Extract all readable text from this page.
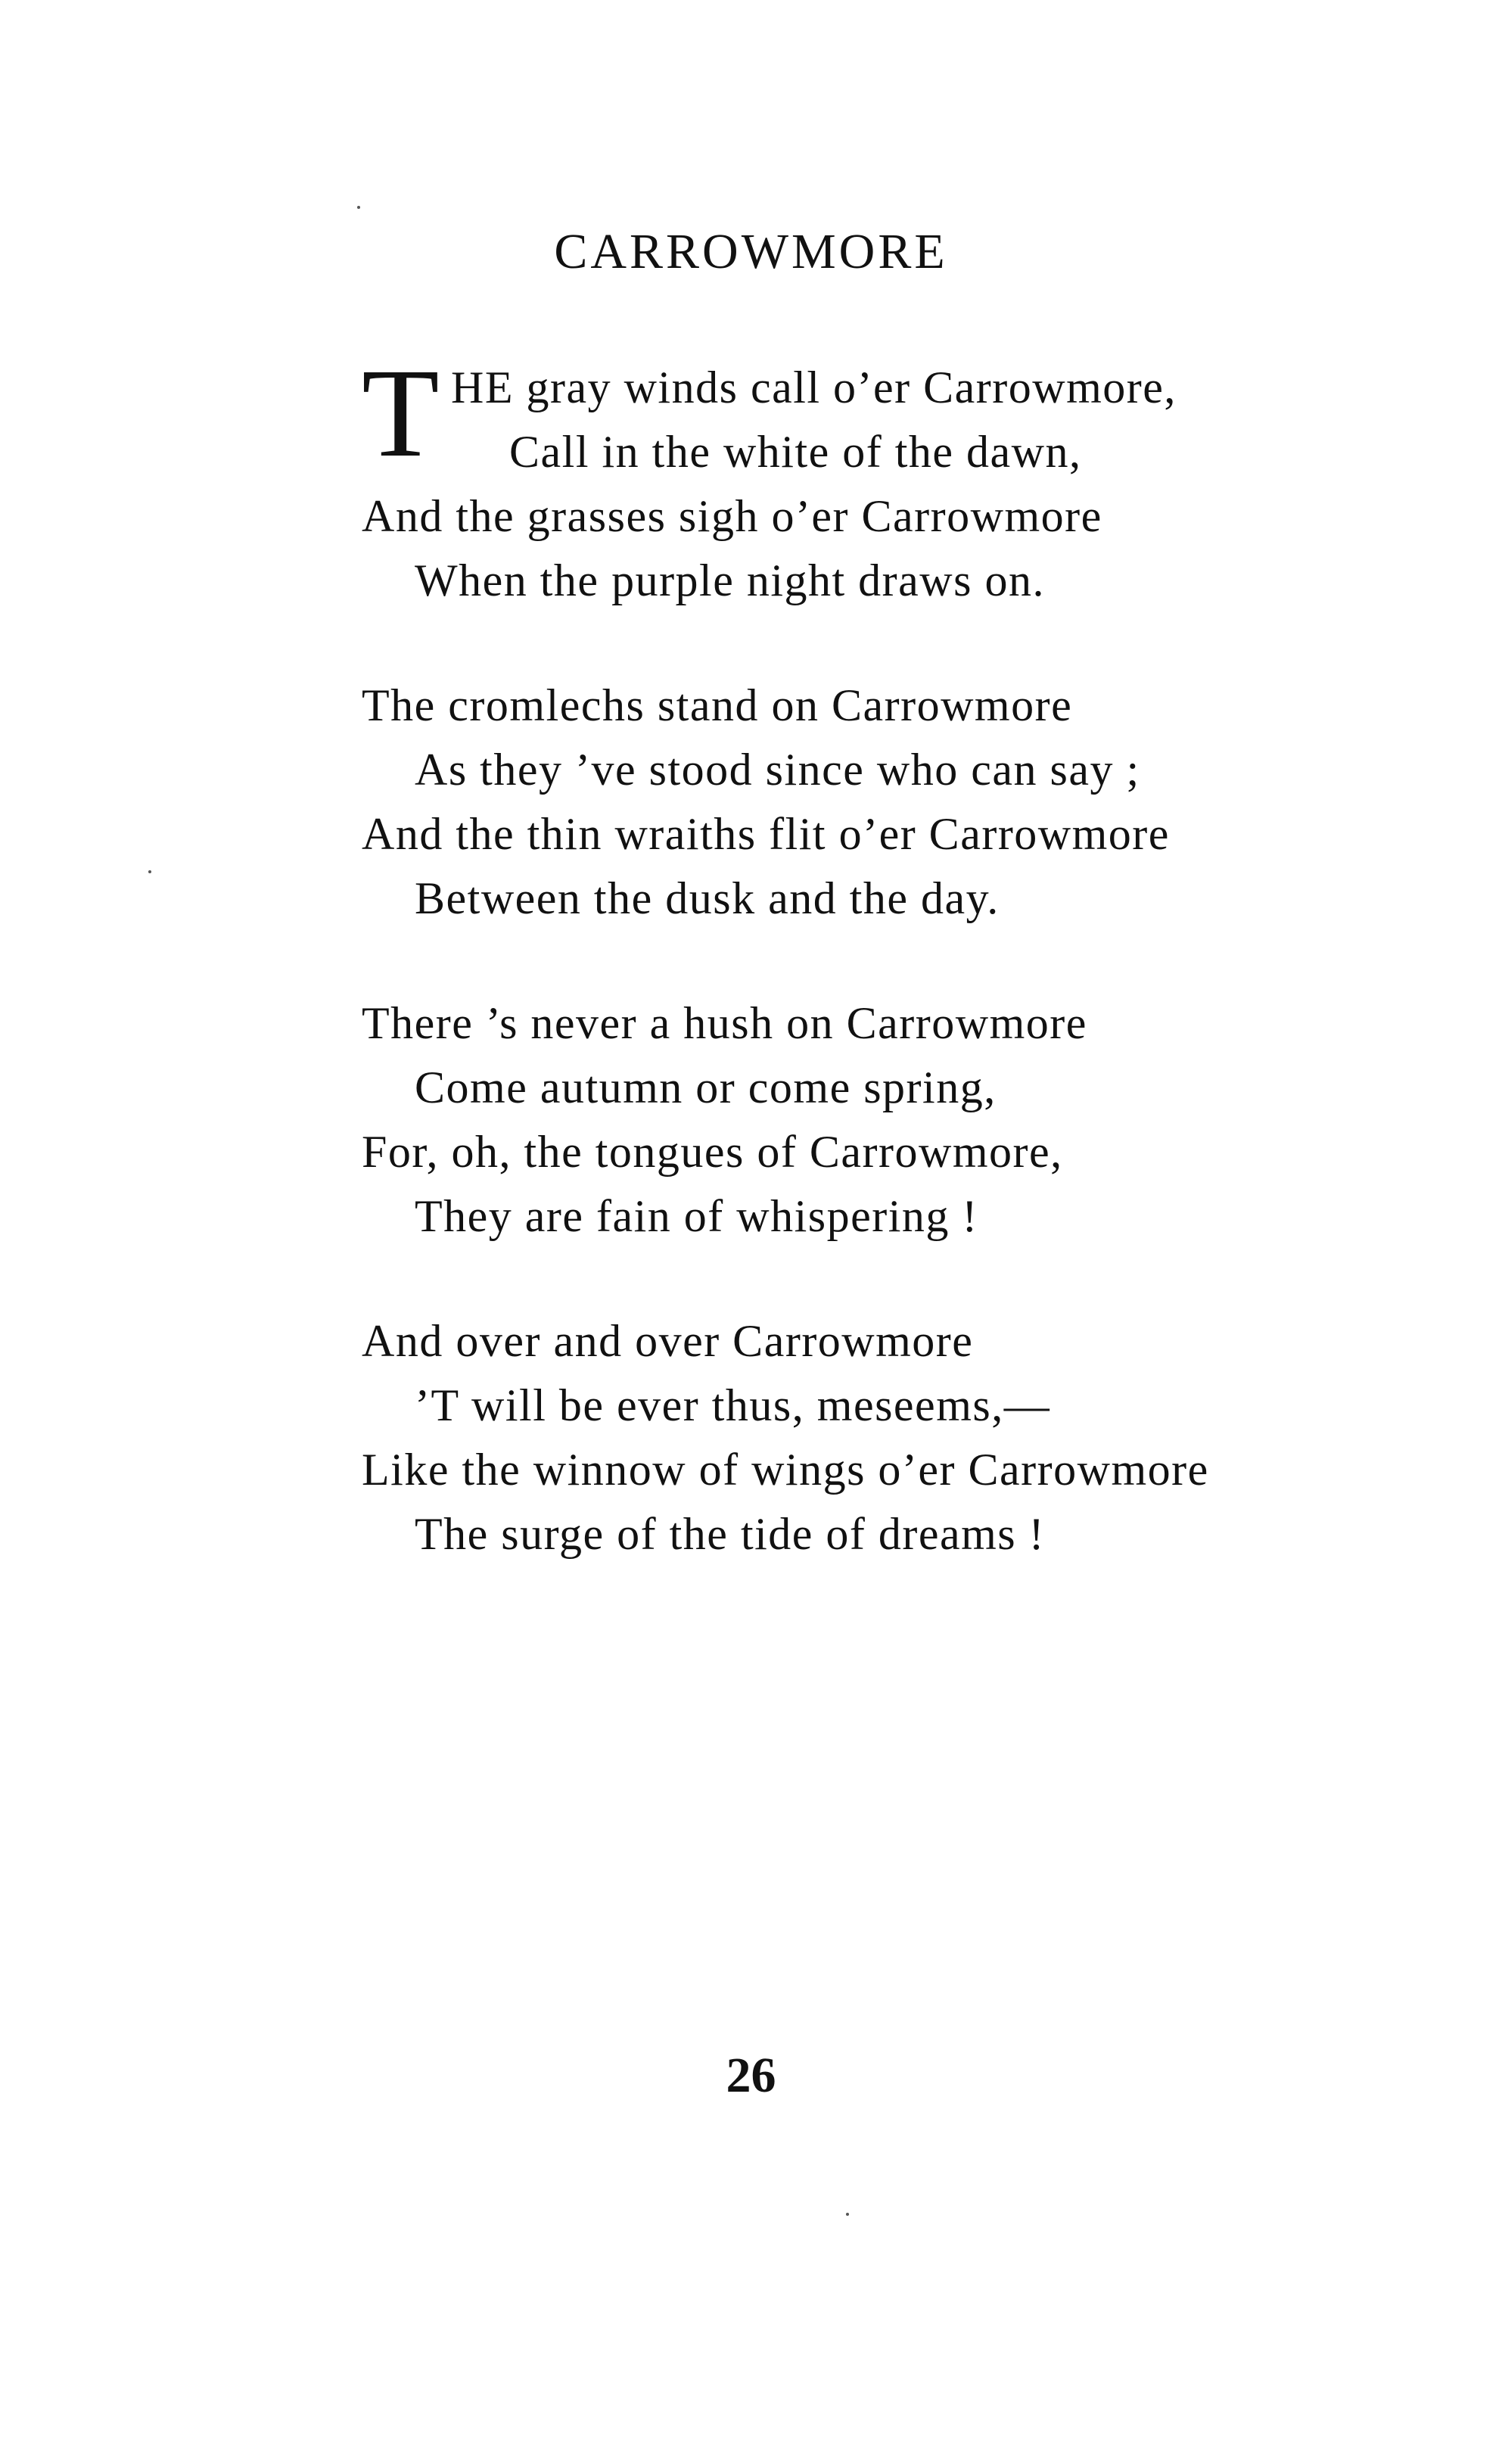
CARROWMORE
T HE gray winds call o’er Carrowmore,
Call in the white of the dawn,
And the grasses sigh o’er Carrowmore
When the purple night draws on.
The cromlechs stand on Carrowmore
As they ’ve stood since who can say ;
And the thin wraiths flit o’er Carrowmore
Between the dusk and the day.
There ’s never a hush on Carrowmore
Come autumn or come spring,
For, oh, the tongues of Carrowmore,
They are fain of whispering !
And over and over Carrowmore
’T will be ever thus, meseems,—
Like the winnow of wings o’er Carrowmore
The surge of the tide of dreams !
26
